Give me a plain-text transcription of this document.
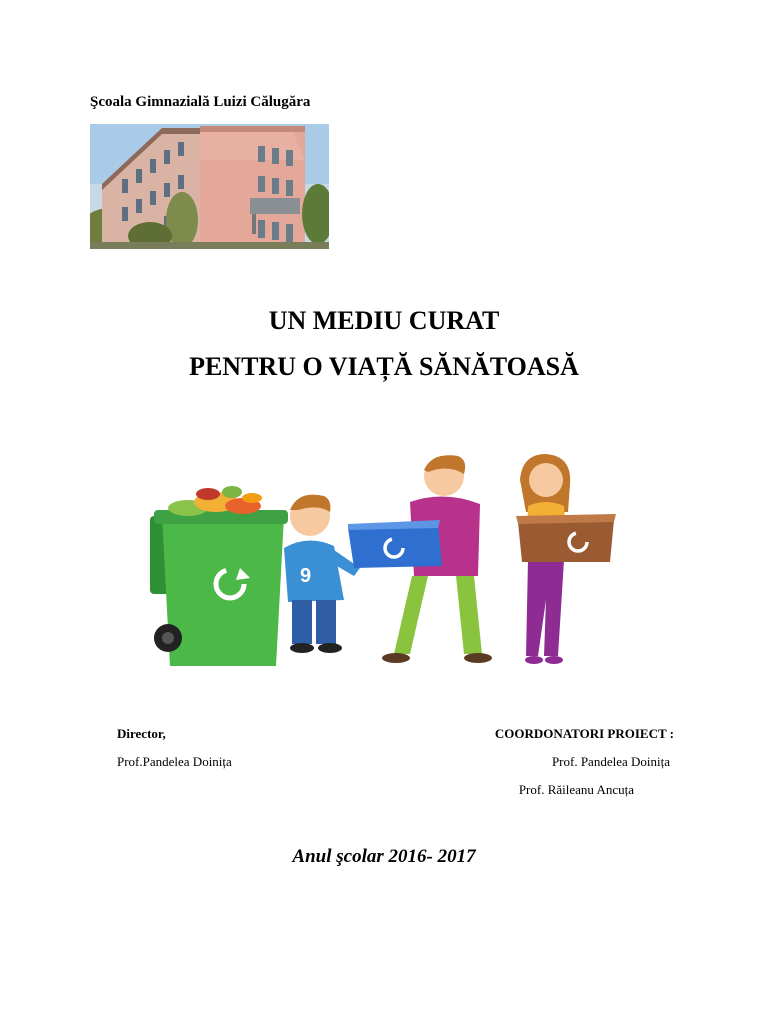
Şcoala Gimnazială Luizi Călugăra
UN MEDIU CURAT
PENTRU O VIAȚĂ SĂNĂTOASĂ
9
Director,
Prof.Pandelea Doinița
COORDONATORI PROIECT :
Prof. Pandelea Doinița
Prof. Răileanu Ancuța
Anul şcolar 2016- 2017
